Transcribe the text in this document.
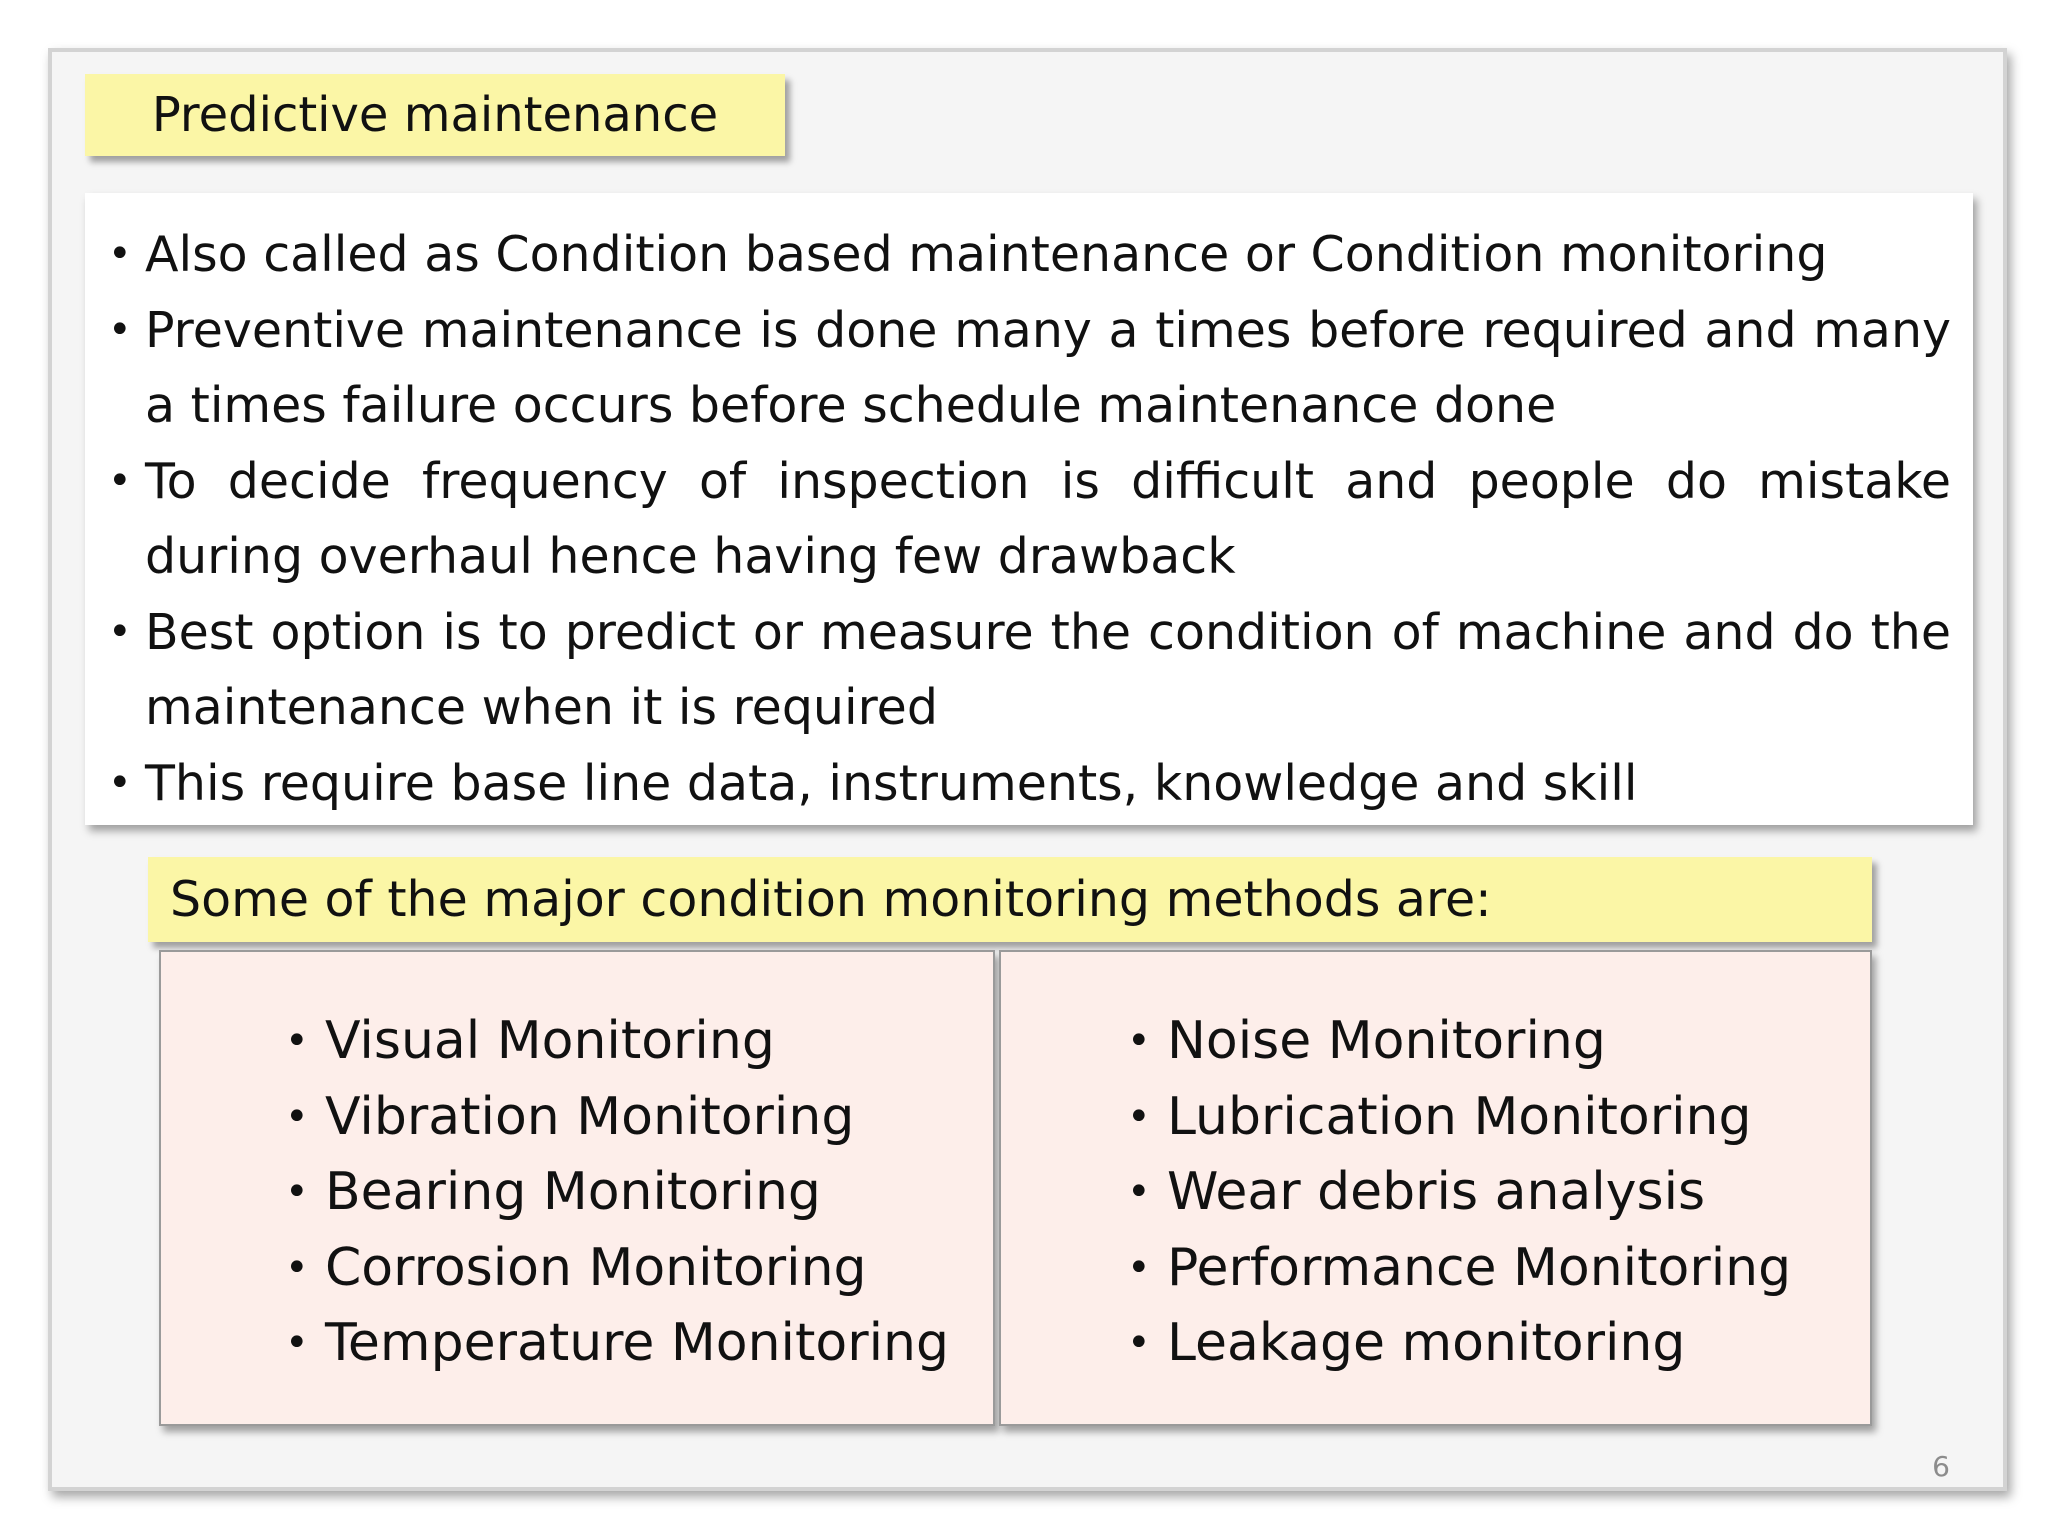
Predictive maintenance
• Also called as Condition based maintenance or Condition monitoring
• Preventive maintenance is done many a times before required and many a times failure occurs before schedule maintenance done
• To decide frequency of inspection is difficult and people do mistake during overhaul hence having few drawback
• Best option is to predict or measure the condition of machine and do the maintenance when it is required
• This require base line data, instruments, knowledge and skill
Some of the major condition monitoring methods are:
• Visual Monitoring
• Vibration Monitoring
• Bearing Monitoring
• Corrosion Monitoring
• Temperature Monitoring
• Noise Monitoring
• Lubrication Monitoring
• Wear debris analysis
• Performance Monitoring
• Leakage monitoring
6
